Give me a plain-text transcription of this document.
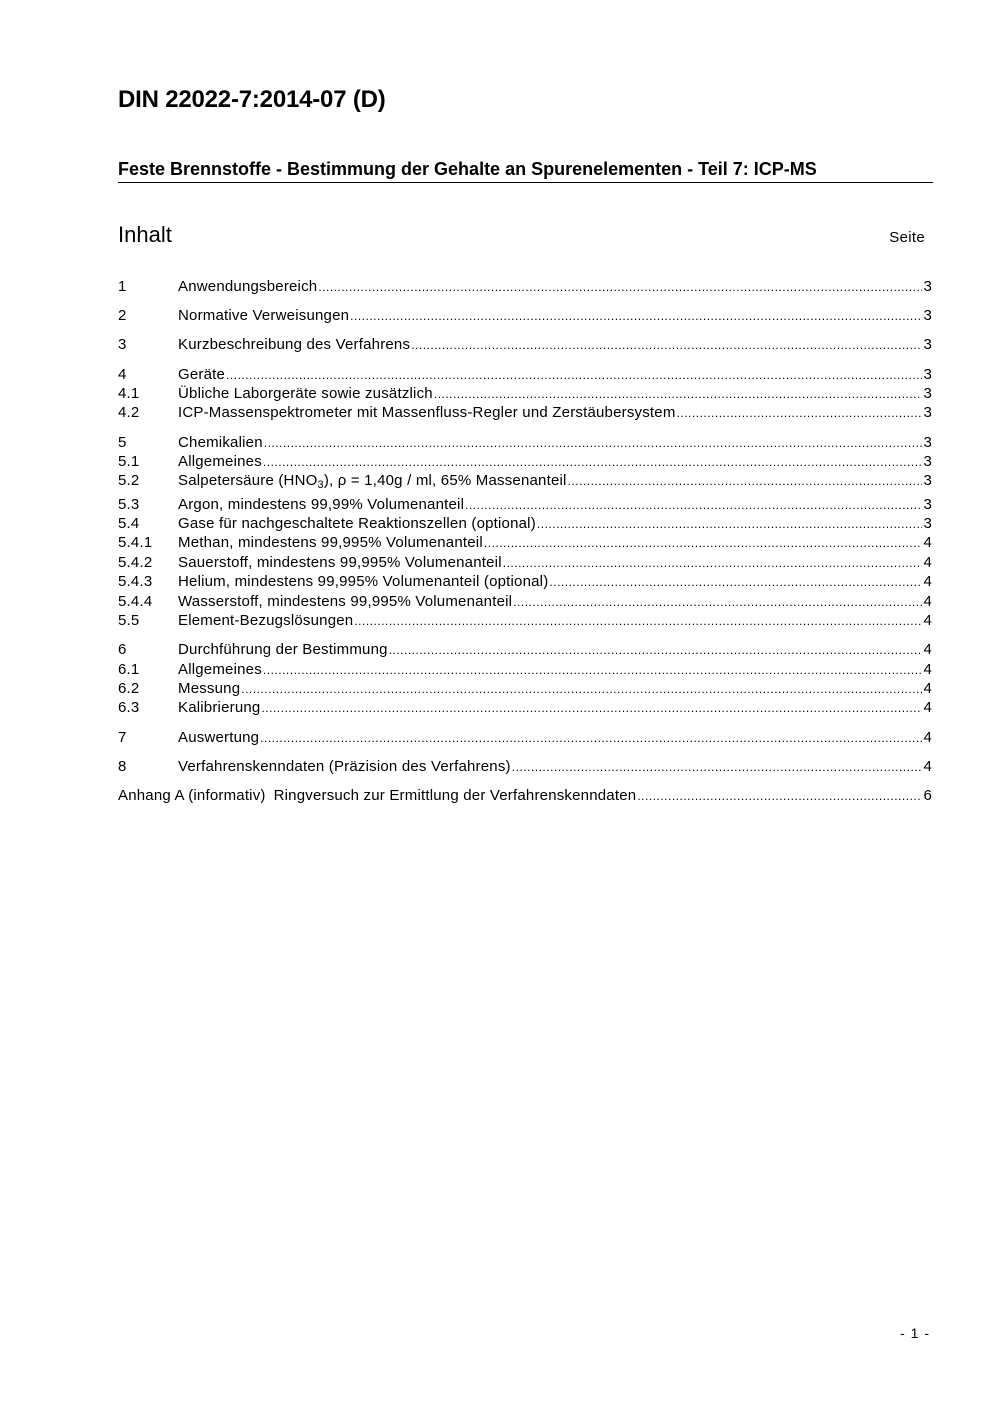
DIN 22022-7:2014-07 (D)
Feste Brennstoffe - Bestimmung der Gehalte an Spurenelementen - Teil 7: ICP-MS
Inhalt	Seite
1	Anwendungsbereich .....	3
2	Normative Verweisungen .....	3
3	Kurzbeschreibung des Verfahrens .....	3
4	Geräte .....	3
4.1	Übliche Laborgeräte sowie zusätzlich .....	3
4.2	ICP-Massenspektrometer mit Massenfluss-Regler und Zerstäubersystem .....	3
5	Chemikalien .....	3
5.1	Allgemeines .....	3
5.2	Salpetersäure $(HNO_3)$, ρ = 1,40g / ml, 65% Massenanteil .....	3
5.3	Argon, mindestens 99,99% Volumenanteil .....	3
5.4	Gase für nachgeschaltete Reaktionszellen (optional) .....	3
5.4.1	Methan, mindestens 99,995% Volumenanteil .....	4
5.4.2	Sauerstoff, mindestens 99,995% Volumenanteil .....	4
5.4.3	Helium, mindestens 99,995% Volumenanteil (optional) .....	4
5.4.4	Wasserstoff, mindestens 99,995% Volumenanteil .....	4
5.5	Element-Bezugslösungen .....	4
6	Durchführung der Bestimmung .....	4
6.1	Allgemeines .....	4
6.2	Messung .....	4
6.3	Kalibrierung .....	4
7	Auswertung .....	4
8	Verfahrenskenndaten (Präzision des Verfahrens) .....	4
Anhang A (informativ) Ringversuch zur Ermittlung der Verfahrenskenndaten .....	6
- 1 -
